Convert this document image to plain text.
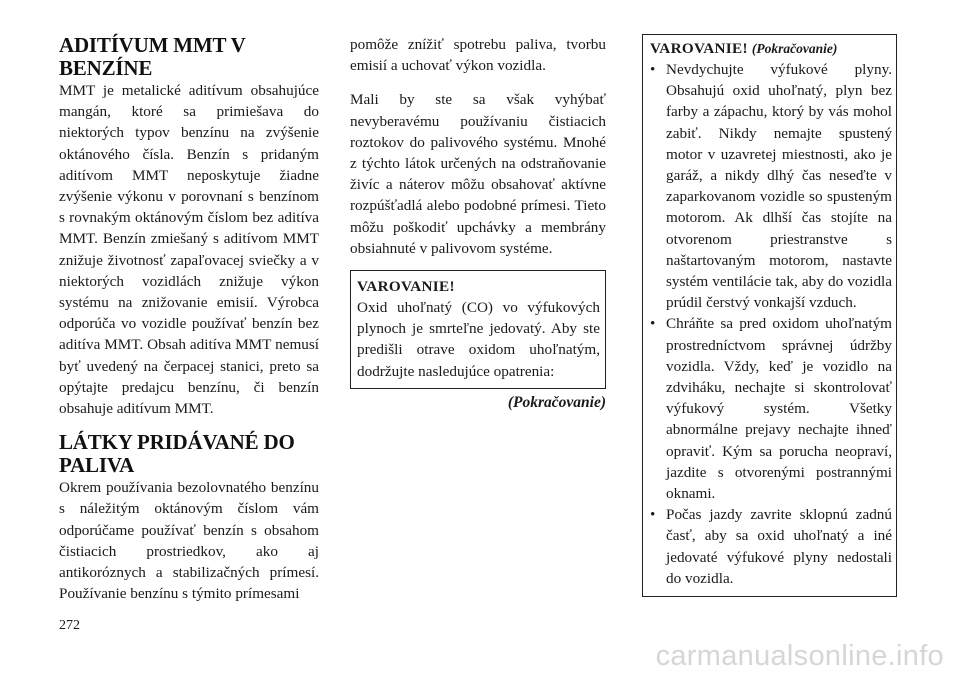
ADITÍVUM MMT V BENZÍNE

MMT je metalické aditívum obsahujúce mangán, ktoré sa primiešava do niektorých typov benzínu na zvýšenie oktánového čísla. Benzín s pridaným aditívom MMT neposkytuje žiadne zvýšenie výkonu v porovnaní s benzínom s rovnakým oktánovým číslom bez aditíva MMT. Benzín zmiešaný s aditívom MMT znižuje životnosť zapaľovacej sviečky a v niektorých vozidlách znižuje výkon systému na znižovanie emisií. Výrobca odporúča vo vozidle používať benzín bez aditíva MMT. Obsah aditíva MMT nemusí byť uvedený na čerpacej stanici, preto sa opýtajte predajcu benzínu, či benzín obsahuje aditívum MMT.

LÁTKY PRIDÁVANÉ DO PALIVA

Okrem používania bezolovnatého benzínu s náležitým oktánovým číslom vám odporúčame používať benzín s obsahom čistiacich prostriedkov, ako aj antikoróznych a stabilizačných prímesí. Používanie benzínu s týmito prímesami

pomôže znížiť spotrebu paliva, tvorbu emisií a uchovať výkon vozidla.

Mali by ste sa však vyhýbať nevyberavému používaniu čistiacich roztokov do palivového systému. Mnohé z týchto látok určených na odstraňovanie živíc a náterov môžu obsahovať aktívne rozpúšťadlá alebo podobné prímesi. Tieto môžu poškodiť upchávky a membrány obsiahnuté v palivovom systéme.

VAROVANIE!

Oxid uhoľnatý (CO) vo výfukových plynoch je smrteľne jedovatý. Aby ste predišli otrave oxidom uhoľnatým, dodržujte nasledujúce opatrenia:

(Pokračovanie)
VAROVANIE! (Pokračovanie)
• Nevdychujte výfukové plyny. Obsahujú oxid uhoľnatý, plyn bez farby a zápachu, ktorý by vás mohol zabiť. Nikdy nemajte spustený motor v uzavretej miestnosti, ako je garáž, a nikdy dlhý čas neseďte v zaparkovanom vozidle so spusteným motorom. Ak dlhší čas stojíte na otvorenom priestranstve s naštartovaným motorom, nastavte systém ventilácie tak, aby do vozidla prúdil čerstvý vonkajší vzduch.
• Chráňte sa pred oxidom uhoľnatým prostredníctvom správnej údržby vozidla. Vždy, keď je vozidlo na zdviháku, nechajte si skontrolovať výfukový systém. Všetky abnormálne prejavy nechajte ihneď opraviť. Kým sa porucha neopraví, jazdite s otvorenými postrannými oknami.
• Počas jazdy zavrite sklopnú zadnú časť, aby sa oxid uhoľnatý a iné jedovaté výfukové plyny nedostali do vozidla.
272
carmanualsonline.info
